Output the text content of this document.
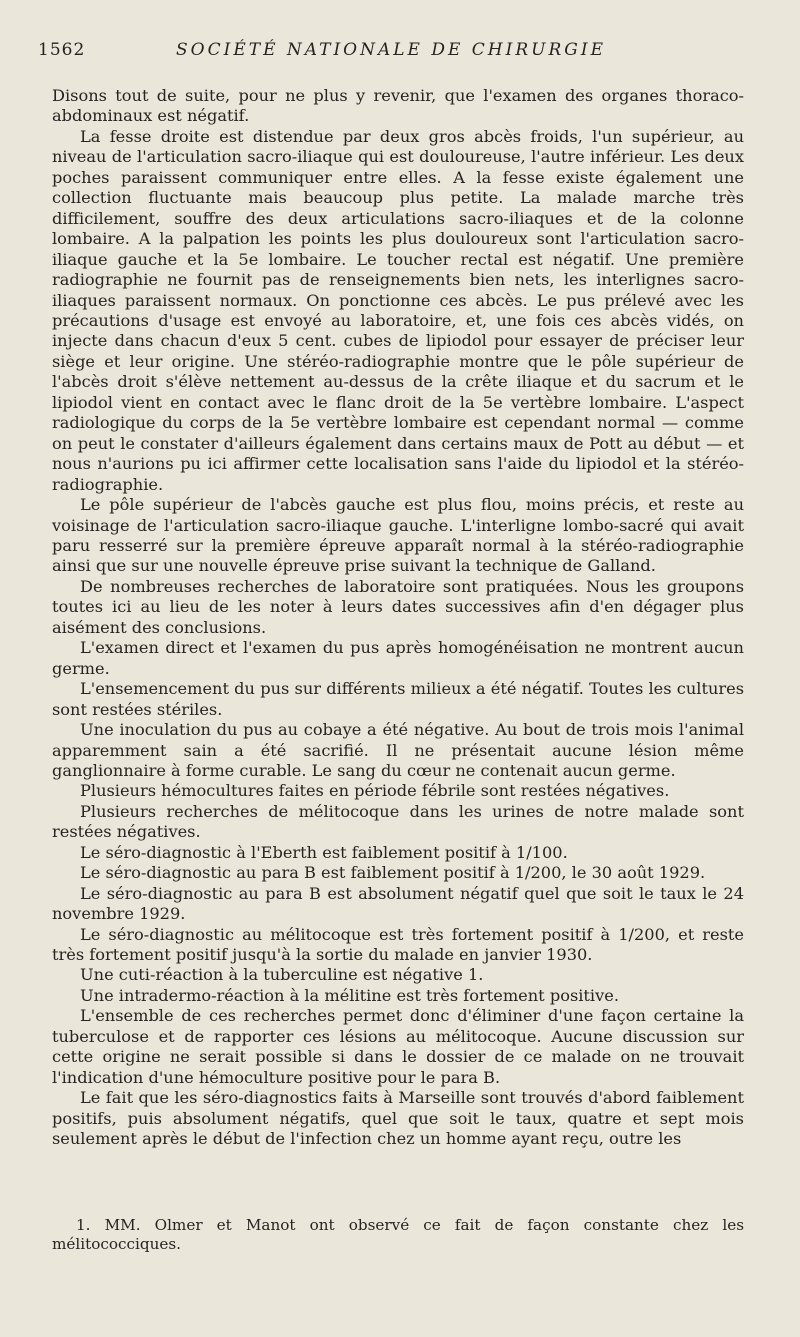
1562	SOCIÉTÉ NATIONALE DE CHIRURGIE

Disons tout de suite, pour ne plus y revenir, que l'examen des organes thoraco-abdominaux est négatif.

La fesse droite est distendue par deux gros abcès froids, l'un supérieur, au niveau de l'articulation sacro-iliaque qui est douloureuse, l'autre inférieur. Les deux poches paraissent communiquer entre elles. A la fesse existe également une collection fluctuante mais beaucoup plus petite. La malade marche très difficilement, souffre des deux articulations sacro-iliaques et de la colonne lombaire. A la palpation les points les plus douloureux sont l'articulation sacro-iliaque gauche et la 5e lombaire. Le toucher rectal est négatif. Une première radiographie ne fournit pas de renseignements bien nets, les interlignes sacro-iliaques paraissent normaux. On ponctionne ces abcès. Le pus prélevé avec les précautions d'usage est envoyé au laboratoire, et, une fois ces abcès vidés, on injecte dans chacun d'eux 5 cent. cubes de lipiodol pour essayer de préciser leur siège et leur origine. Une stéréo-radiographie montre que le pôle supérieur de l'abcès droit s'élève nettement au-dessus de la crête iliaque et du sacrum et le lipiodol vient en contact avec le flanc droit de la 5e vertèbre lombaire. L'aspect radiologique du corps de la 5e vertèbre lombaire est cependant normal — comme on peut le constater d'ailleurs également dans certains maux de Pott au début — et nous n'aurions pu ici affirmer cette localisation sans l'aide du lipiodol et la stéréo-radiographie.

Le pôle supérieur de l'abcès gauche est plus flou, moins précis, et reste au voisinage de l'articulation sacro-iliaque gauche. L'interligne lombo-sacré qui avait paru resserré sur la première épreuve apparaît normal à la stéréo-radiographie ainsi que sur une nouvelle épreuve prise suivant la technique de Galland.

De nombreuses recherches de laboratoire sont pratiquées. Nous les groupons toutes ici au lieu de les noter à leurs dates successives afin d'en dégager plus aisément des conclusions.

L'examen direct et l'examen du pus après homogénéisation ne montrent aucun germe.

L'ensemencement du pus sur différents milieux a été négatif. Toutes les cultures sont restées stériles.

Une inoculation du pus au cobaye a été négative. Au bout de trois mois l'animal apparemment sain a été sacrifié. Il ne présentait aucune lésion même ganglionnaire à forme curable. Le sang du cœur ne contenait aucun germe.

Plusieurs hémocultures faites en période fébrile sont restées négatives.

Plusieurs recherches de mélitocoque dans les urines de notre malade sont restées négatives.

Le séro-diagnostic à l'Eberth est faiblement positif à 1/100.

Le séro-diagnostic au para B est faiblement positif à 1/200, le 30 août 1929.

Le séro-diagnostic au para B est absolument négatif quel que soit le taux le 24 novembre 1929.

Le séro-diagnostic au mélitocoque est très fortement positif à 1/200, et reste très fortement positif jusqu'à la sortie du malade en janvier 1930.

Une cuti-réaction à la tuberculine est négative 1.

Une intradermo-réaction à la mélitine est très fortement positive.

L'ensemble de ces recherches permet donc d'éliminer d'une façon certaine la tuberculose et de rapporter ces lésions au mélitocoque. Aucune discussion sur cette origine ne serait possible si dans le dossier de ce malade on ne trouvait l'indication d'une hémoculture positive pour le para B.

Le fait que les séro-diagnostics faits à Marseille sont trouvés d'abord faiblement positifs, puis absolument négatifs, quel que soit le taux, quatre et sept mois seulement après le début de l'infection chez un homme ayant reçu, outre les

1. MM. Olmer et Manot ont observé ce fait de façon constante chez les mélitococciques.
